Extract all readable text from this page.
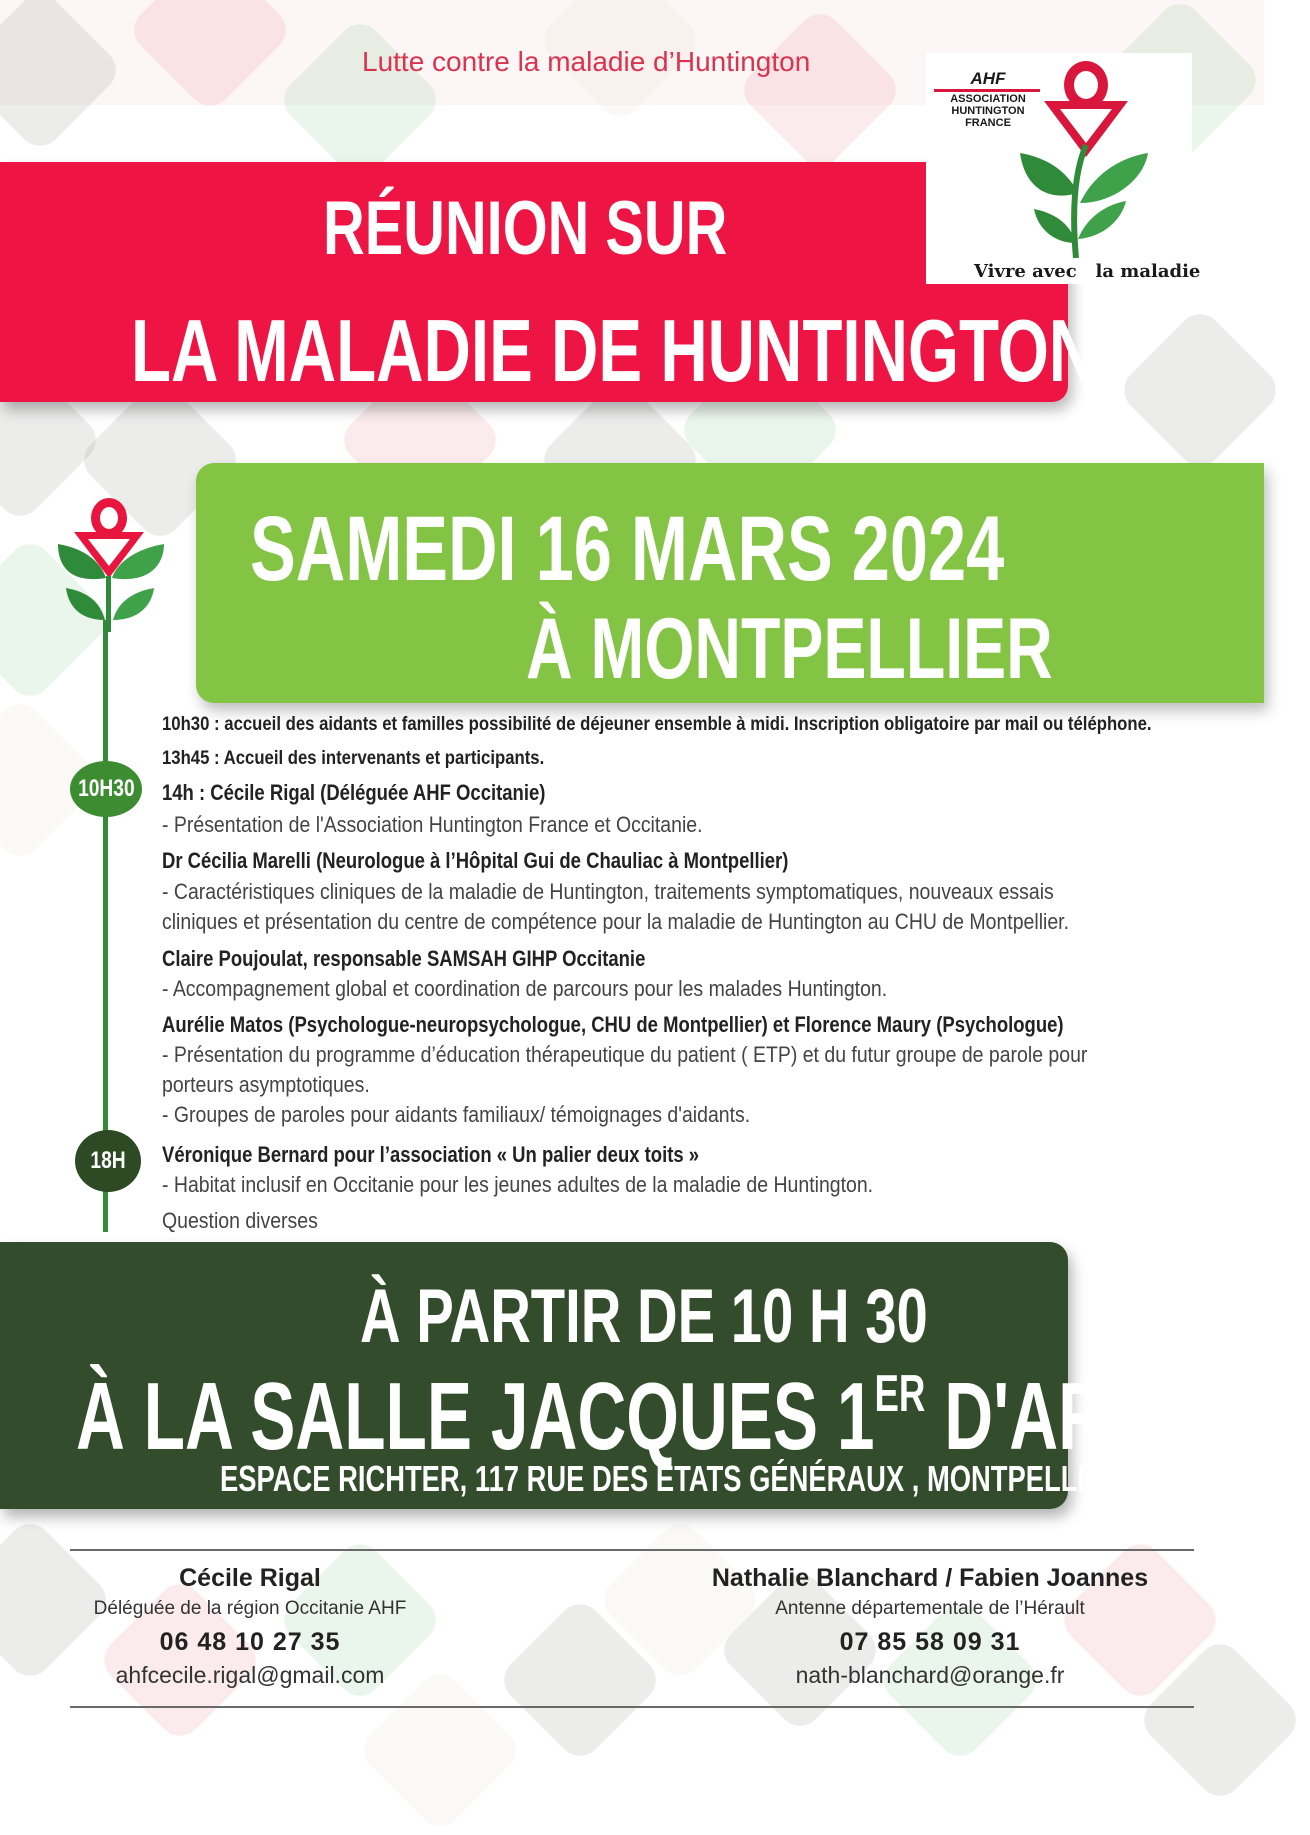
Lutte contre la maladie d’Huntington
AHF
ASSOCIATION
HUNTINGTON
FRANCE
Vivre avec la maladie
RÉUNION SUR
LA MALADIE DE HUNTINGTON
SAMEDI 16 MARS 2024
À MONTPELLIER
10H30
18H
10h30 : accueil des aidants et familles possibilité de déjeuner ensemble à midi. Inscription obligatoire par mail ou téléphone.
13h45 : Accueil des intervenants et participants.
14h : Cécile Rigal (Déléguée AHF Occitanie)
- Présentation de l'Association Huntington France et Occitanie.
Dr Cécilia Marelli (Neurologue à l’Hôpital Gui de Chauliac à Montpellier)
- Caractéristiques cliniques de la maladie de Huntington, traitements symptomatiques, nouveaux essais
cliniques et présentation du centre de compétence pour la maladie de Huntington au CHU de Montpellier.
Claire Poujoulat, responsable SAMSAH GIHP Occitanie
- Accompagnement global et coordination de parcours pour les malades Huntington.
Aurélie Matos (Psychologue-neuropsychologue, CHU de Montpellier) et Florence Maury (Psychologue)
- Présentation du programme d’éducation thérapeutique du patient ( ETP) et du futur groupe de parole pour
porteurs asymptotiques.
- Groupes de paroles pour aidants familiaux/ témoignages d'aidants.
Véronique Bernard pour l’association « Un palier deux toits »
- Habitat inclusif en Occitanie pour les jeunes adultes de la maladie de Huntington.
Question diverses
À PARTIR DE 10 H 30
À LA SALLE JACQUES 1ER D'ARAGON
ESPACE RICHTER, 117 RUE DES ÉTATS GÉNÉRAUX , MONTPELLIER
Cécile Rigal
Déléguée de la région Occitanie AHF
06 48 10 27 35
ahfcecile.rigal@gmail.com
Nathalie Blanchard / Fabien Joannes
Antenne départementale de l’Hérault
07 85 58 09 31
nath-blanchard@orange.fr
